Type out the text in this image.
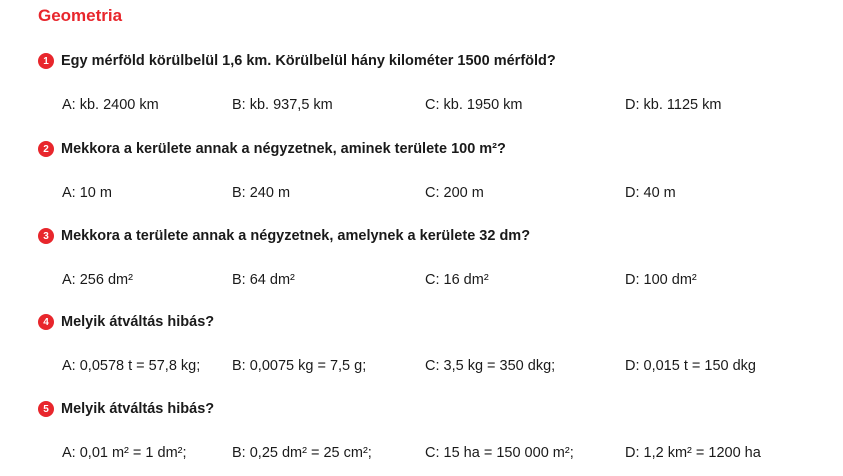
Geometria
1 Egy mérföld körülbelül 1,6 km. Körülbelül hány kilométer 1500 mérföld?
A: kb. 2400 km	B: kb. 937,5 km	C: kb. 1950 km	D: kb. 1125 km
2 Mekkora a kerülete annak a négyzetnek, aminek területe 100 m²?
A: 10 m	B: 240 m	C: 200 m	D: 40 m
3 Mekkora a területe annak a négyzetnek, amelynek a kerülete 32 dm?
A: 256 dm²	B: 64 dm²	C: 16 dm²	D: 100 dm²
4 Melyik átváltás hibás?
A: 0,0578 t = 57,8 kg; B: 0,0075 kg = 7,5 g;	C: 3,5 kg = 350 dkg;	D: 0,015 t = 150 dkg
5 Melyik átváltás hibás?
A: 0,01 m² = 1 dm²;	B: 0,25 dm² = 25 cm²;	C: 15 ha = 150 000 m²;	D: 1,2 km² = 1200 ha
